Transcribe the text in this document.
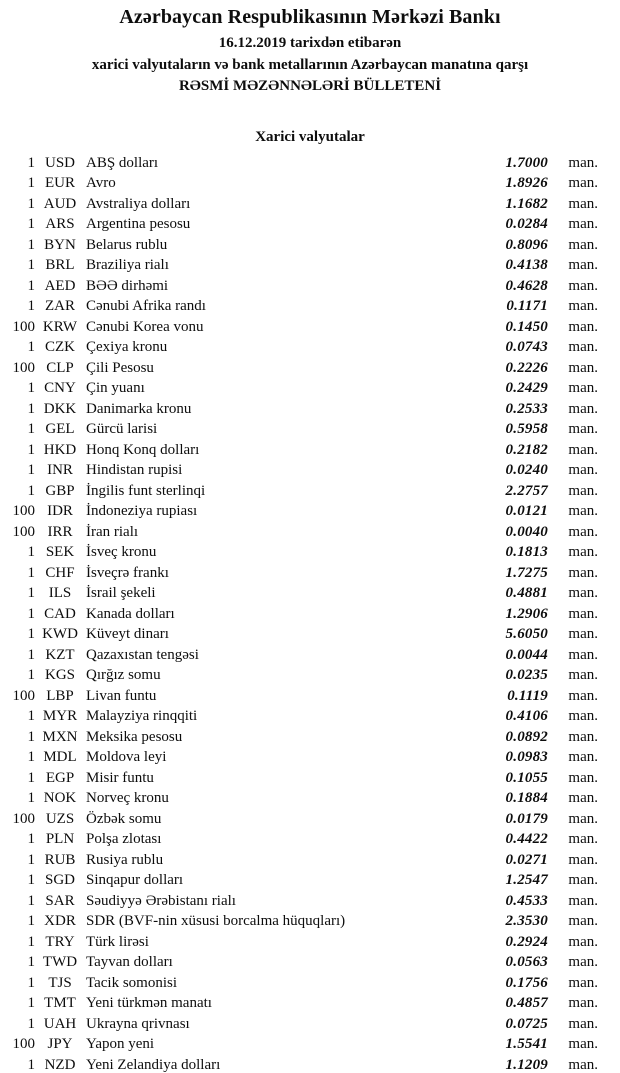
Azərbaycan Respublikasının Mərkəzi Bankı
16.12.2019 tarixdən etibarən
xarici valyutaların və bank metallarının Azərbaycan manatına qarşı
RƏSMİ MƏZƏNNƏLƏRİ BÜLLETENİ
Xarici valyutalar
1 USD ABŞ dolları	1.7000	man.
1 EUR Avro	1.8926	man.
1 AUD Avstraliya dolları	1.1682	man.
1 ARS Argentina pesosu	0.0284	man.
1 BYN Belarus rublu	0.8096	man.
1 BRL Braziliya rialı	0.4138	man.
1 AED BƏƏ dirhəmi	0.4628	man.
1 ZAR Cənubi Afrika randı	0.1171	man.
100 KRW Cənubi Korea vonu	0.1450	man.
1 CZK Çexiya kronu	0.0743	man.
100 CLP Çili Pesosu	0.2226	man.
1 CNY Çin yuanı	0.2429	man.
1 DKK Danimarka kronu	0.2533	man.
1 GEL Gürcü larisi	0.5958	man.
1 HKD Honq Konq dolları	0.2182	man.
1 INR Hindistan rupisi	0.0240	man.
1 GBP İngilis funt sterlinqi	2.2757	man.
100 IDR İndoneziya rupiası	0.0121	man.
100 IRR İran rialı	0.0040	man.
1 SEK İsveç kronu	0.1813	man.
1 CHF İsveçrə frankı	1.7275	man.
1 ILS İsrail şekeli	0.4881	man.
1 CAD Kanada dolları	1.2906	man.
1 KWD Küveyt dinarı	5.6050	man.
1 KZT Qazaxıstan tengəsi	0.0044	man.
1 KGS Qırğız somu	0.0235	man.
100 LBP Livan funtu	0.1119	man.
1 MYR Malayziya rinqqiti	0.4106	man.
1 MXN Meksika pesosu	0.0892	man.
1 MDL Moldova leyi	0.0983	man.
1 EGP Misir funtu	0.1055	man.
1 NOK Norveç kronu	0.1884	man.
100 UZS Özbək somu	0.0179	man.
1 PLN Polşa zlotası	0.4422	man.
1 RUB Rusiya rublu	0.0271	man.
1 SGD Sinqapur dolları	1.2547	man.
1 SAR Səudiyyə Ərəbistanı rialı	0.4533	man.
1 XDR SDR (BVF-nin xüsusi borcalma hüquqları)	2.3530	man.
1 TRY Türk lirəsi	0.2924	man.
1 TWD Tayvan dolları	0.0563	man.
1 TJS Tacik somonisi	0.1756	man.
1 TMT Yeni türkmən manatı	0.4857	man.
1 UAH Ukrayna qrivnası	0.0725	man.
100 JPY Yapon yeni	1.5541	man.
1 NZD Yeni Zelandiya dolları	1.1209	man.
